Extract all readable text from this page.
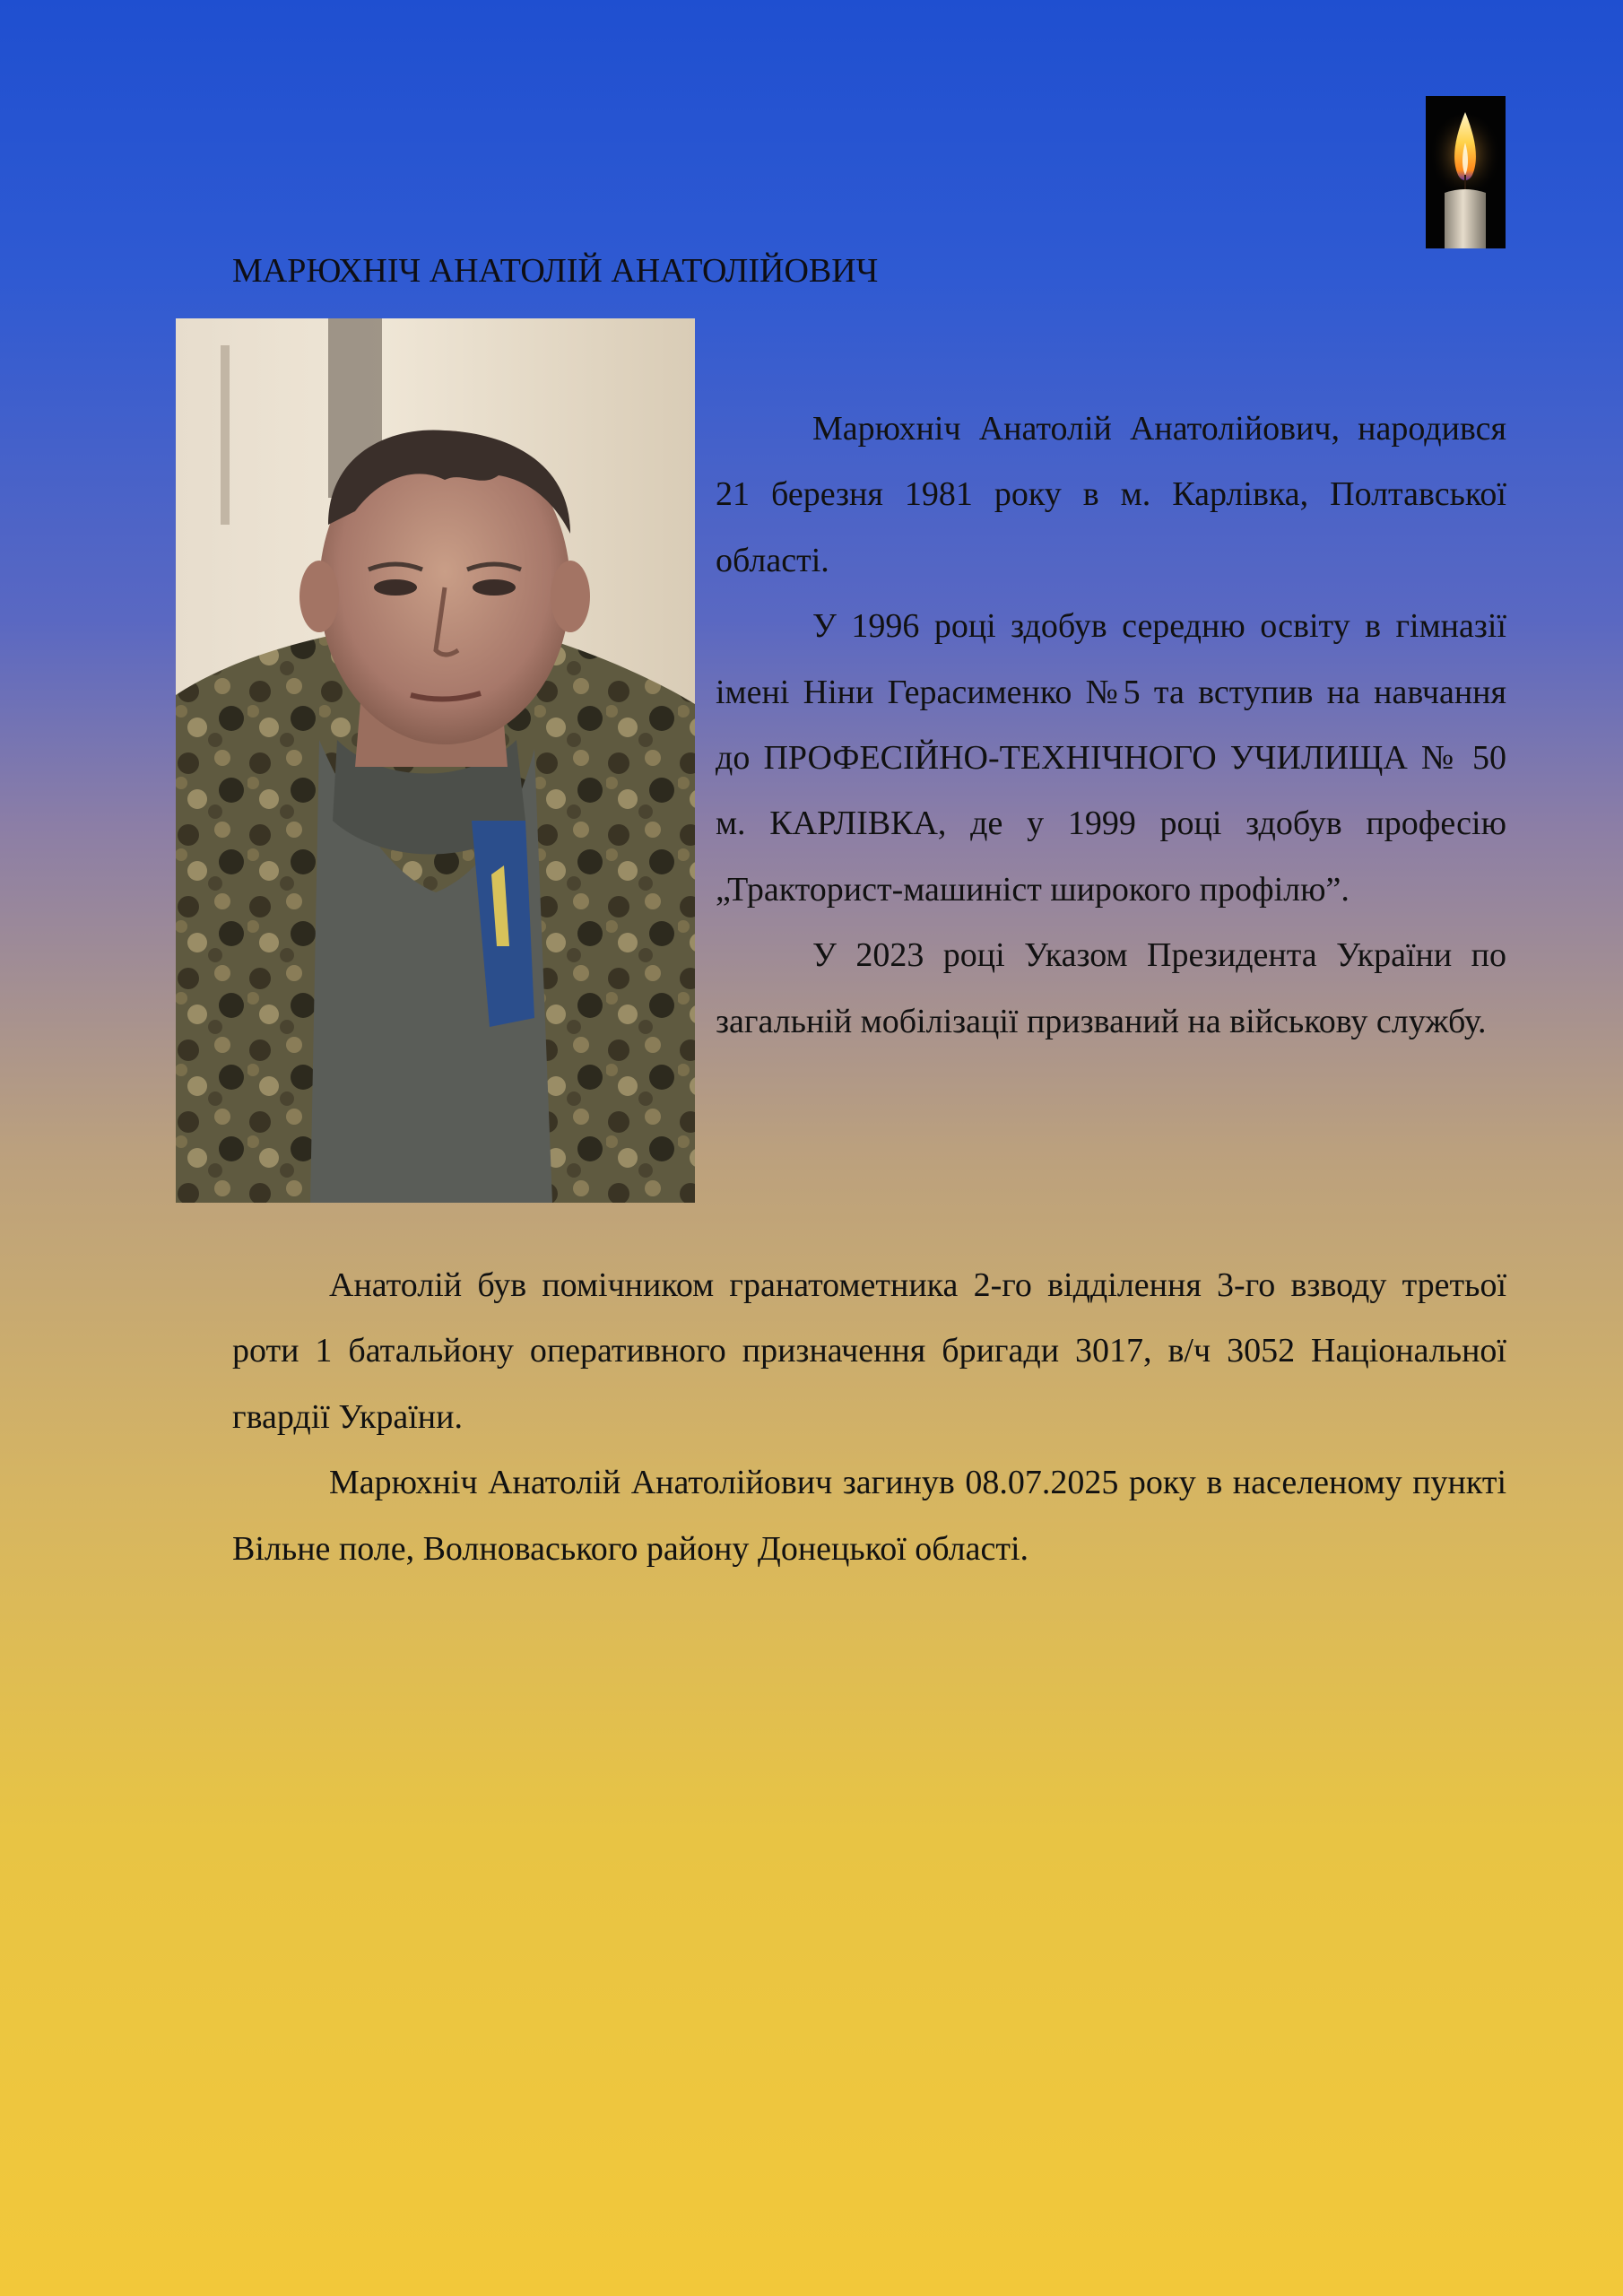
МАРЮХНІЧ АНАТОЛІЙ АНАТОЛІЙОВИЧ

Марюхніч Анатолій Анатолійович, народився 21 березня 1981 року в м. Карлівка, Полтавської області.

У 1996 році здобув середню освіту в гімназії імені Ніни Герасименко №5 та вступив на навчання до ПРОФЕСІЙНО-ТЕХНІЧНОГО УЧИЛИЩА № 50 м. КАРЛІВКА, де у 1999 році здобув професію „Тракторист-машиніст широкого профілю”.

У 2023 році Указом Президента України по загальній мобілізації призваний на військову службу.

Анатолій був помічником гранатометника 2-го відділення 3-го взводу третьої роти 1 батальйону оперативного призначення бригади 3017, в/ч 3052 Національної гвардії України.

Марюхніч Анатолій Анатолійович загинув 08.07.2025 року в населеному пункті Вільне поле, Волноваського району Донецької області.
